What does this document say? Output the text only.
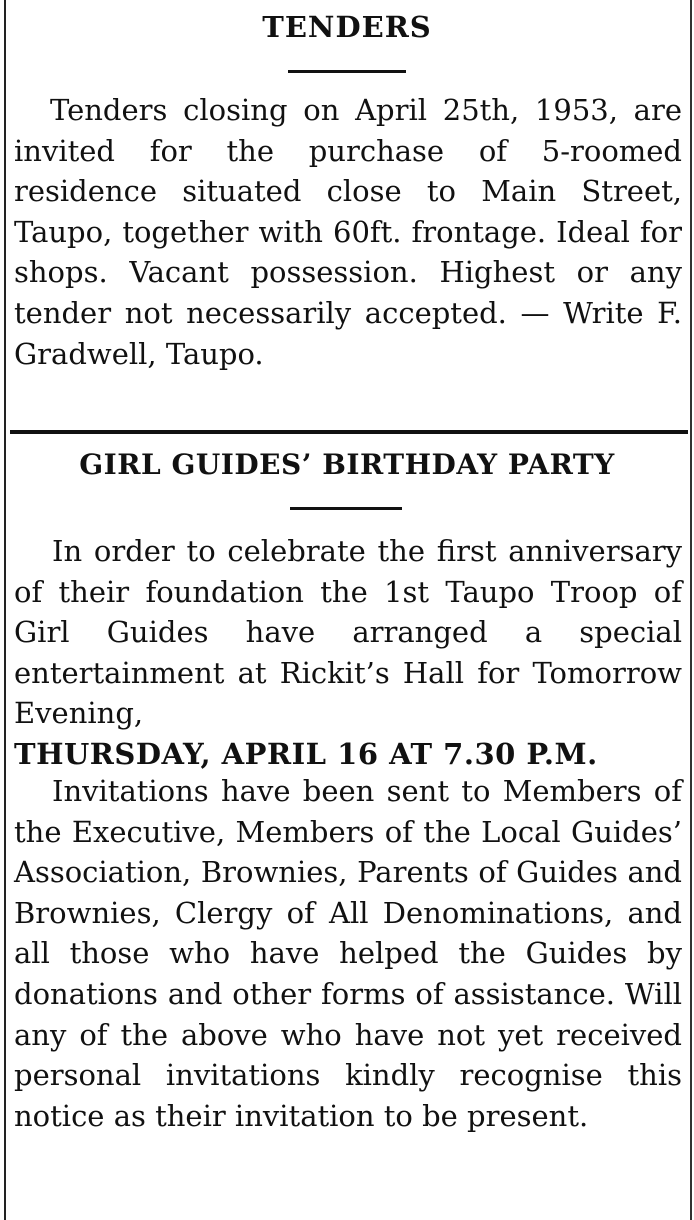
TENDERS

Tenders closing on April 25th, 1953, are invited for the purchase of 5-roomed residence situated close to Main Street, Taupo, together with 60ft. frontage. Ideal for shops. Vacant possession. Highest or any tender not necessarily accepted. — Write F. Gradwell, Taupo.

GIRL GUIDES’ BIRTHDAY PARTY

In order to celebrate the first anniversary of their foundation the 1st Taupo Troop of Girl Guides have arranged a special entertainment at Rickit’s Hall for Tomorrow Evening,
THURSDAY, APRIL 16 AT 7.30 P.M.

Invitations have been sent to Members of the Executive, Members of the Local Guides’ Association, Brownies, Parents of Guides and Brownies, Clergy of All Denominations, and all those who have helped the Guides by donations and other forms of assistance. Will any of the above who have not yet received personal invitations kindly recognise this notice as their invitation to be present.
